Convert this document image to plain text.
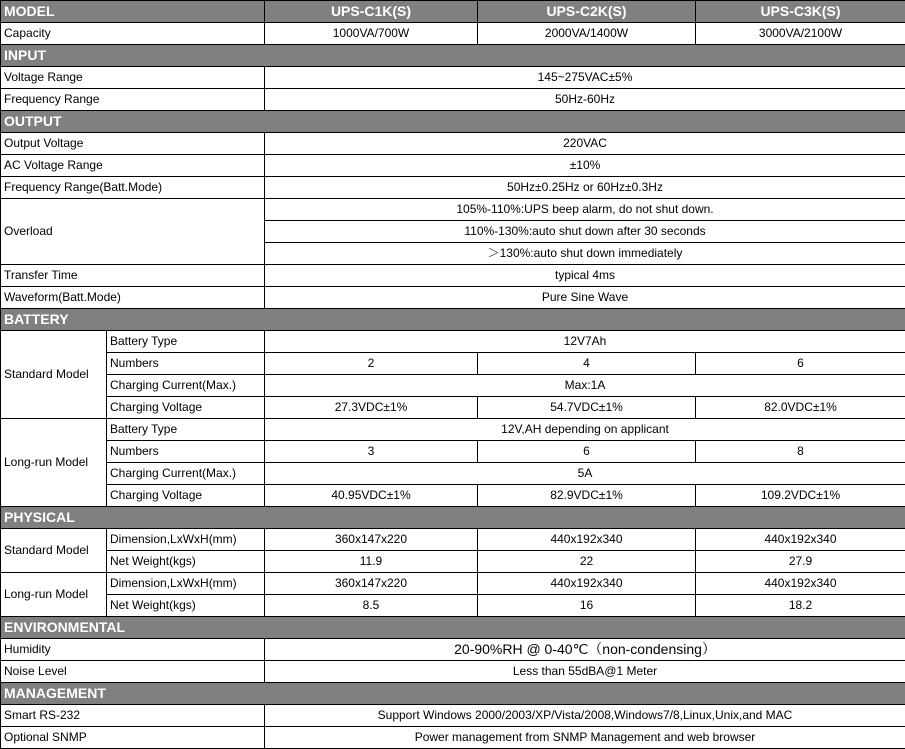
MODEL		UPS-C1K(S)	UPS-C2K(S)	UPS-C3K(S)
Capacity		1000VA/700W	2000VA/1400W	3000VA/2100W
INPUT				
Voltage Range		145~275VAC±5%		
Frequency Range		50Hz-60Hz		
OUTPUT				
Output Voltage		220VAC		
AC Voltage Range		±10%		
Frequency Range(Batt.Mode)		50Hz±0.25Hz or 60Hz±0.3Hz		
Overload		105%-110%:UPS beep alarm, do not shut down.		
		110%-130%:auto shut down after 30 seconds		
		＞130%:auto shut down immediately		
Transfer Time		typical 4ms		
Waveform(Batt.Mode)		Pure Sine Wave		
BATTERY				
Standard Model	Battery Type	12V7Ah		
	Numbers	2	4	6
	Charging Current(Max.)	Max:1A		
	Charging Voltage	27.3VDC±1%	54.7VDC±1%	82.0VDC±1%
Long-run Model	Battery Type	12V,AH depending on applicant		
	Numbers	3	6	8
	Charging Current(Max.)	5A		
	Charging Voltage	40.95VDC±1%	82.9VDC±1%	109.2VDC±1%
PHYSICAL				
Standard Model	Dimension,LxWxH(mm)	360x147x220	440x192x340	440x192x340
	Net Weight(kgs)	11.9	22	27.9
Long-run Model	Dimension,LxWxH(mm)	360x147x220	440x192x340	440x192x340
	Net Weight(kgs)	8.5	16	18.2
ENVIRONMENTAL				
Humidity		20-90%RH @ 0-40℃（non-condensing）		
Noise Level		Less than 55dBA@1 Meter		
MANAGEMENT				
Smart RS-232		Support Windows 2000/2003/XP/Vista/2008,Windows7/8,Linux,Unix,and MAC		
Optional SNMP		Power management from SNMP Management and web browser		
